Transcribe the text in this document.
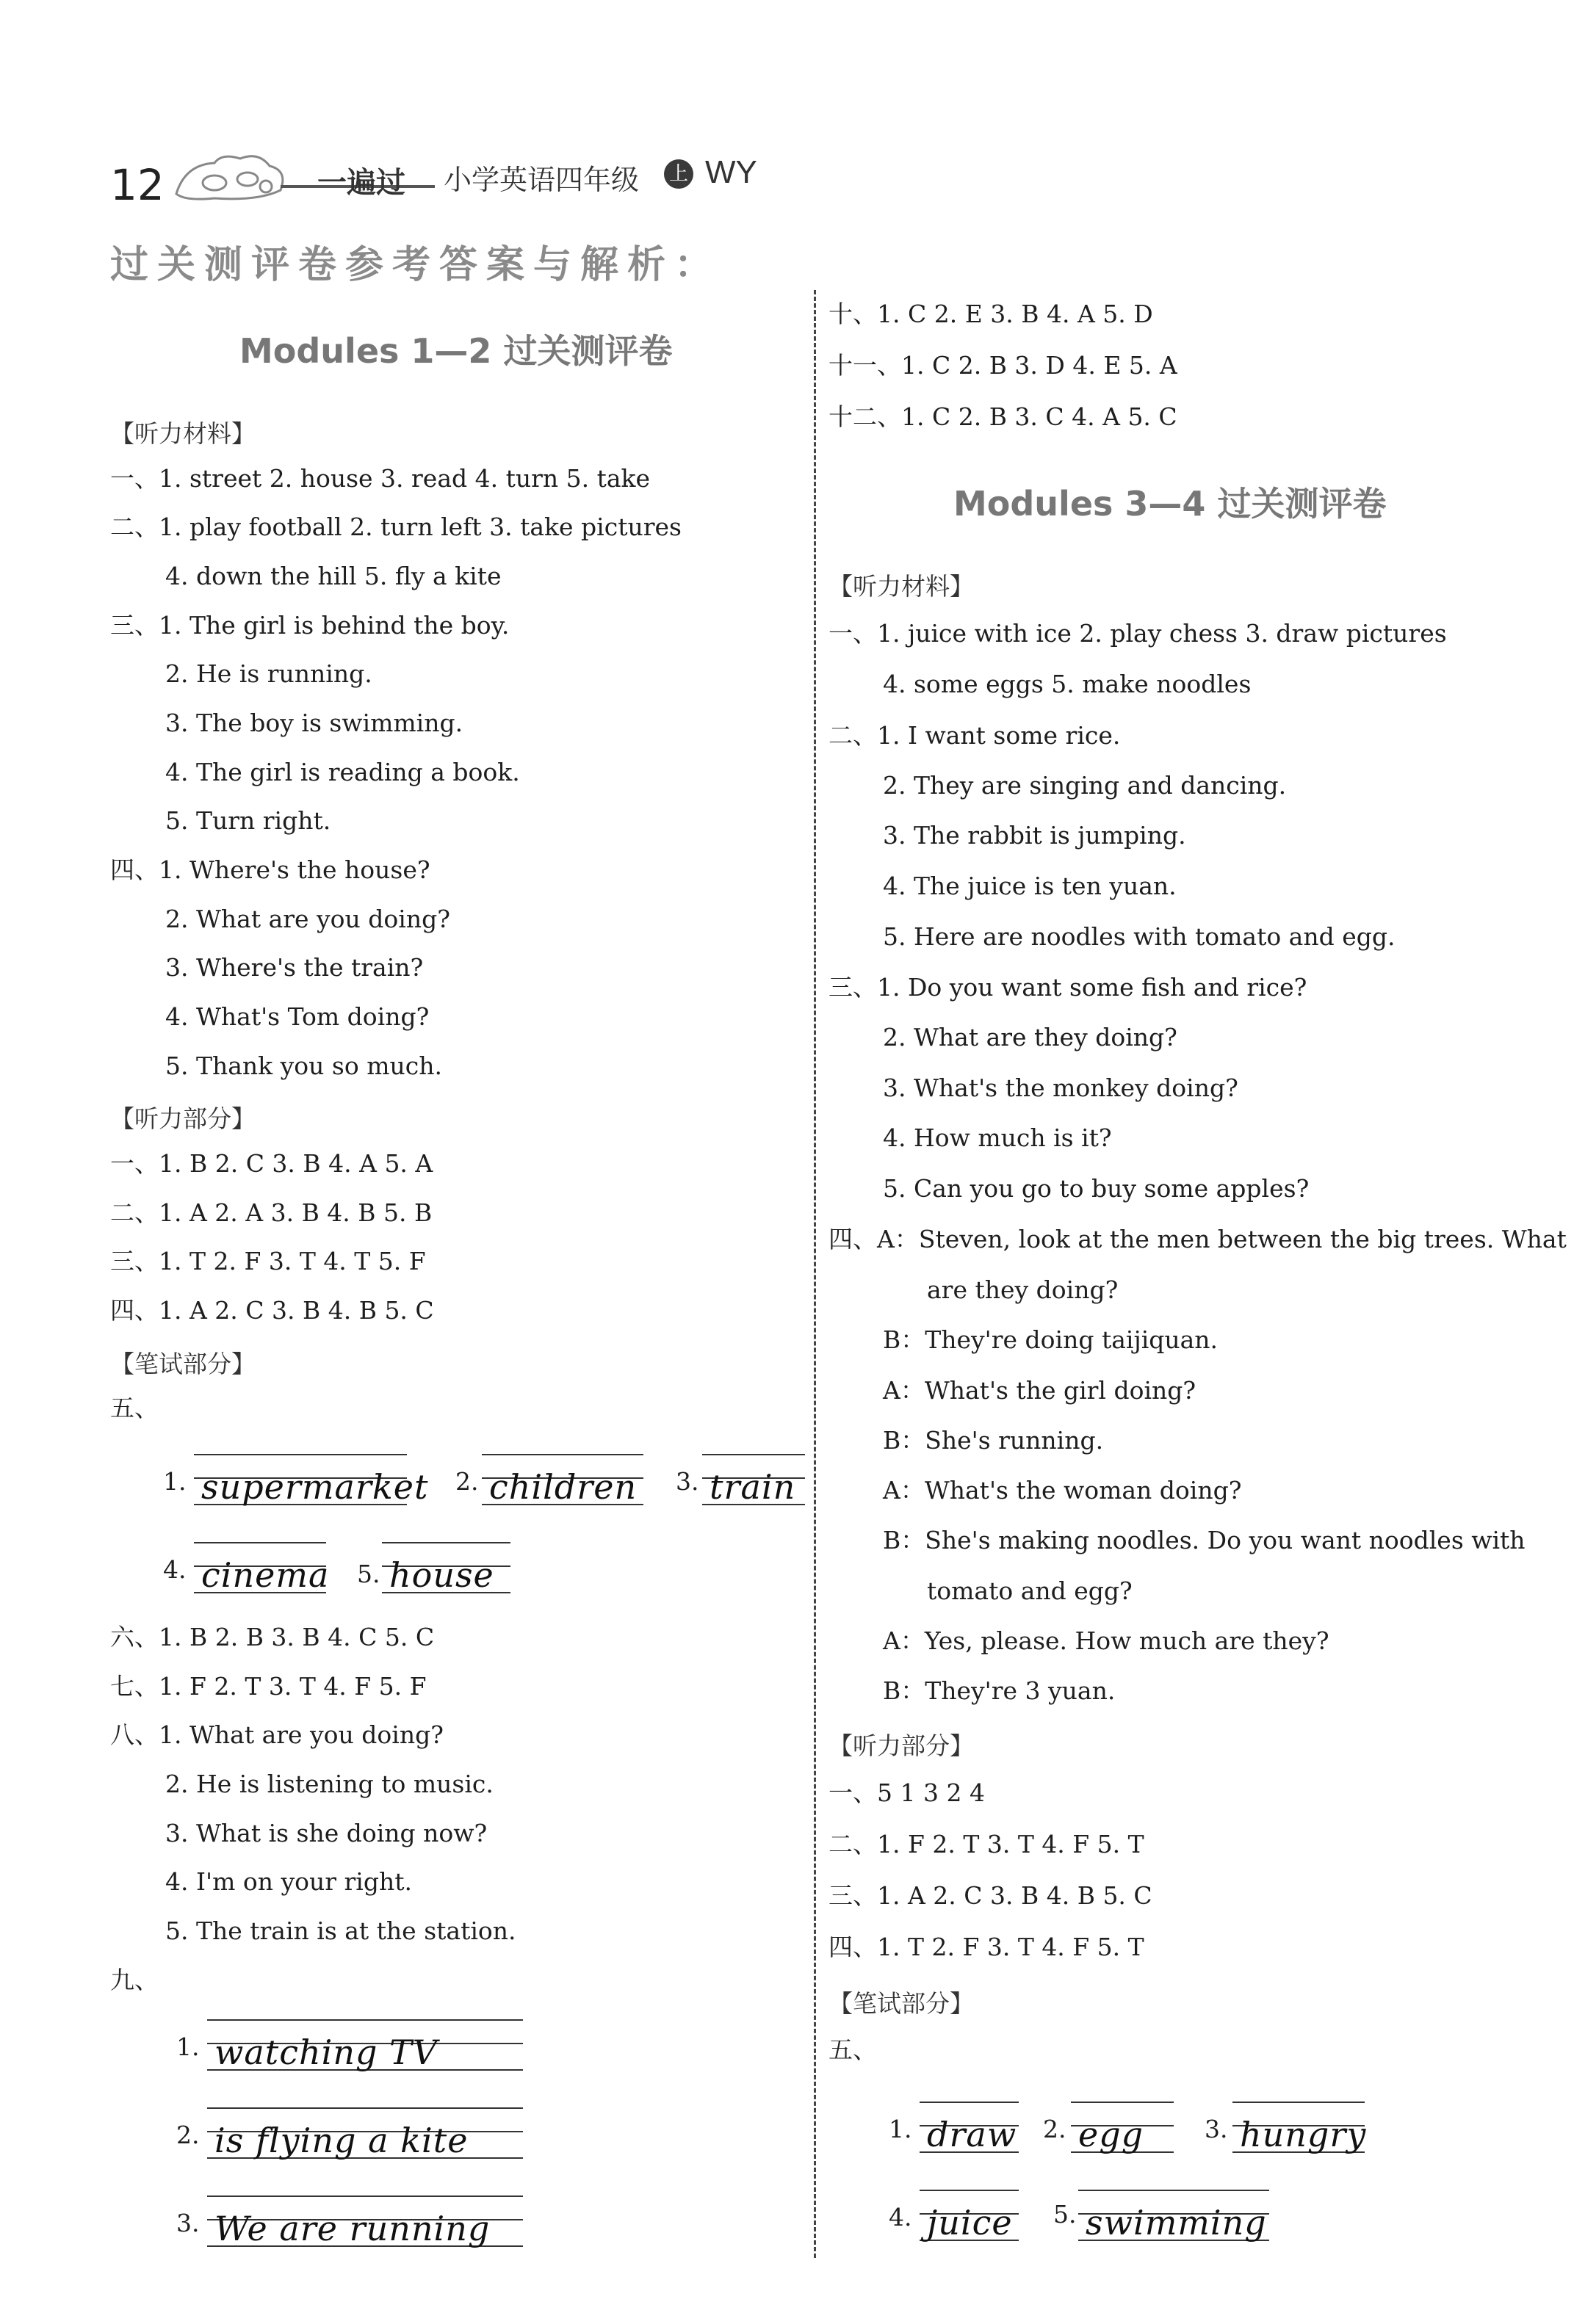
12	一遍过 小学英语四年级 上 WY
过关测评卷参考答案与解析：
Modules 1—2 过关测评卷
【听力材料】
一、1. street 2. house 3. read 4. turn 5. take
二、1. play football 2. turn left 3. take pictures
4. down the hill 5. fly a kite
三、1. The girl is behind the boy.
2. He is running.
3. The boy is swimming.
4. The girl is reading a book.
5. Turn right.
四、1. Where's the house?
2. What are you doing?
3. Where's the train?
4. What's Tom doing?
5. Thank you so much.
【听力部分】
一、1. B 2. C 3. B 4. A 5. A
二、1. A 2. A 3. B 4. B 5. B
三、1. T 2. F 3. T 4. T 5. F
四、1. A 2. C 3. B 4. B 5. C
【笔试部分】
五、
1. supermarket 2. children 3. train
4. cinema 5. house
六、1. B 2. B 3. B 4. C 5. C
七、1. F 2. T 3. T 4. F 5. F
八、1. What are you doing?
2. He is listening to music.
3. What is she doing now?
4. I'm on your right.
5. The train is at the station.
九、
1. watching TV
2. is flying a kite
3. We are running
十、1. C 2. E 3. B 4. A 5. D
十一、1. C 2. B 3. D 4. E 5. A
十二、1. C 2. B 3. C 4. A 5. C
Modules 3—4 过关测评卷
【听力材料】
一、1. juice with ice 2. play chess 3. draw pictures
4. some eggs 5. make noodles
二、1. I want some rice.
2. They are singing and dancing.
3. The rabbit is jumping.
4. The juice is ten yuan.
5. Here are noodles with tomato and egg.
三、1. Do you want some fish and rice?
2. What are they doing?
3. What's the monkey doing?
4. How much is it?
5. Can you go to buy some apples?
四、A：Steven, look at the men between the big trees. What
are they doing?
B：They're doing taijiquan.
A：What's the girl doing?
B：She's running.
A：What's the woman doing?
B：She's making noodles. Do you want noodles with
tomato and egg?
A：Yes, please. How much are they?
B：They're 3 yuan.
【听力部分】
一、5 1 3 2 4
二、1. F 2. T 3. T 4. F 5. T
三、1. A 2. C 3. B 4. B 5. C
四、1. T 2. F 3. T 4. F 5. T
【笔试部分】
五、
1. draw 2. egg	3. hungry
4. juice 5. swimming
